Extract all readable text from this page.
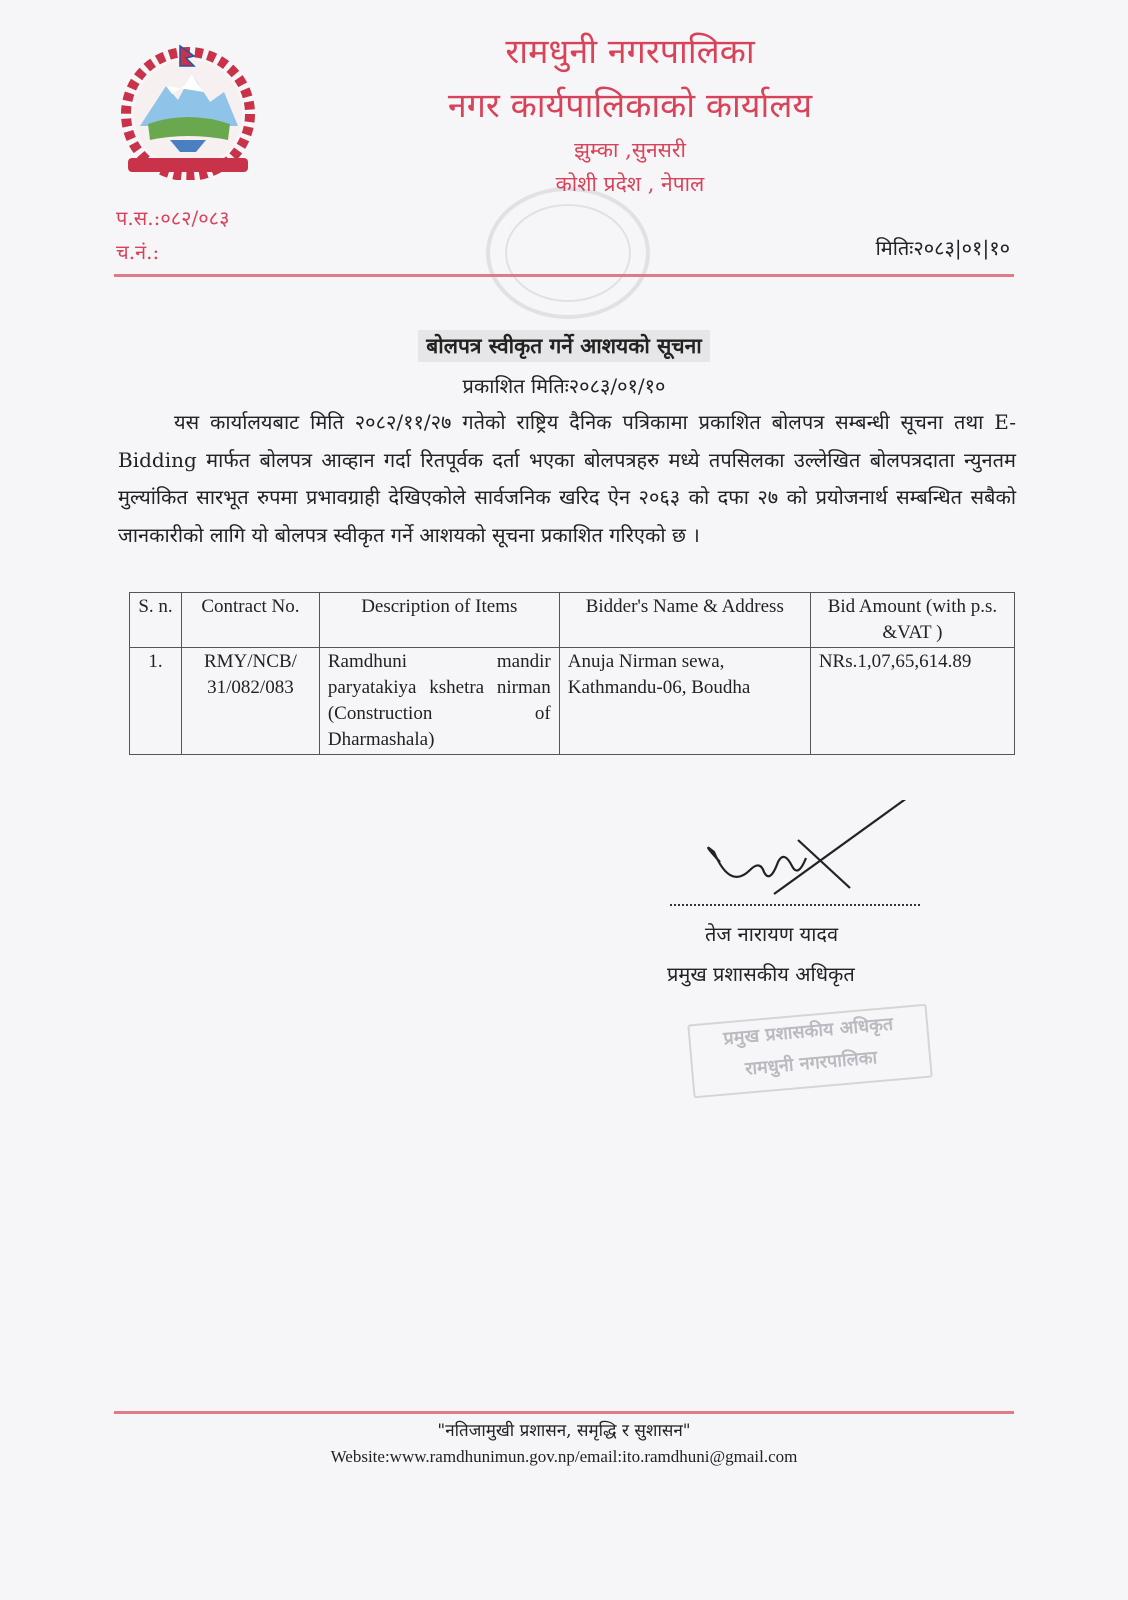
रामधुनी नगरपालिका
नगर कार्यपालिकाको कार्यालय
झुम्का ,सुनसरी
कोशी प्रदेश , नेपाल
प.स.:०८२/०८३
च.नं.:	मितिः२०८३|०१|१०
बोलपत्र स्वीकृत गर्ने आशयको सूचना
प्रकाशित मितिः२०८३/०१/१०
यस कार्यालयबाट मिति २०८२/११/२७ गतेको राष्ट्रिय दैनिक पत्रिकामा प्रकाशित बोलपत्र सम्बन्धी सूचना तथा E-Bidding मार्फत बोलपत्र आव्हान गर्दा रितपूर्वक दर्ता भएका बोलपत्रहरु मध्ये तपसिलका उल्लेखित बोलपत्रदाता न्युनतम मुल्यांकित सारभूत रुपमा प्रभावग्राही देखिएकोले सार्वजनिक खरिद ऐन २०६३ को दफा २७ को प्रयोजनार्थ सम्बन्धित सबैको जानकारीको लागि यो बोलपत्र स्वीकृत गर्ने आशयको सूचना प्रकाशित गरिएको छ ।
S. n.	Contract No.	Description of Items	Bidder's Name & Address	Bid Amount (with p.s. &VAT )
1.	RMY/NCB/ 31/082/083	Ramdhuni mandir paryatakiya kshetra nirman (Construction of Dharmashala)	Anuja Nirman sewa, Kathmandu-06, Boudha	NRs.1,07,65,614.89
तेज नारायण यादव
प्रमुख प्रशासकीय अधिकृत
प्रमुख प्रशासकीय अधिकृत
रामधुनी नगरपालिका
"नतिजामुखी प्रशासन, समृद्धि र सुशासन"
Website:www.ramdhunimun.gov.np/email:ito.ramdhuni@gmail.com
